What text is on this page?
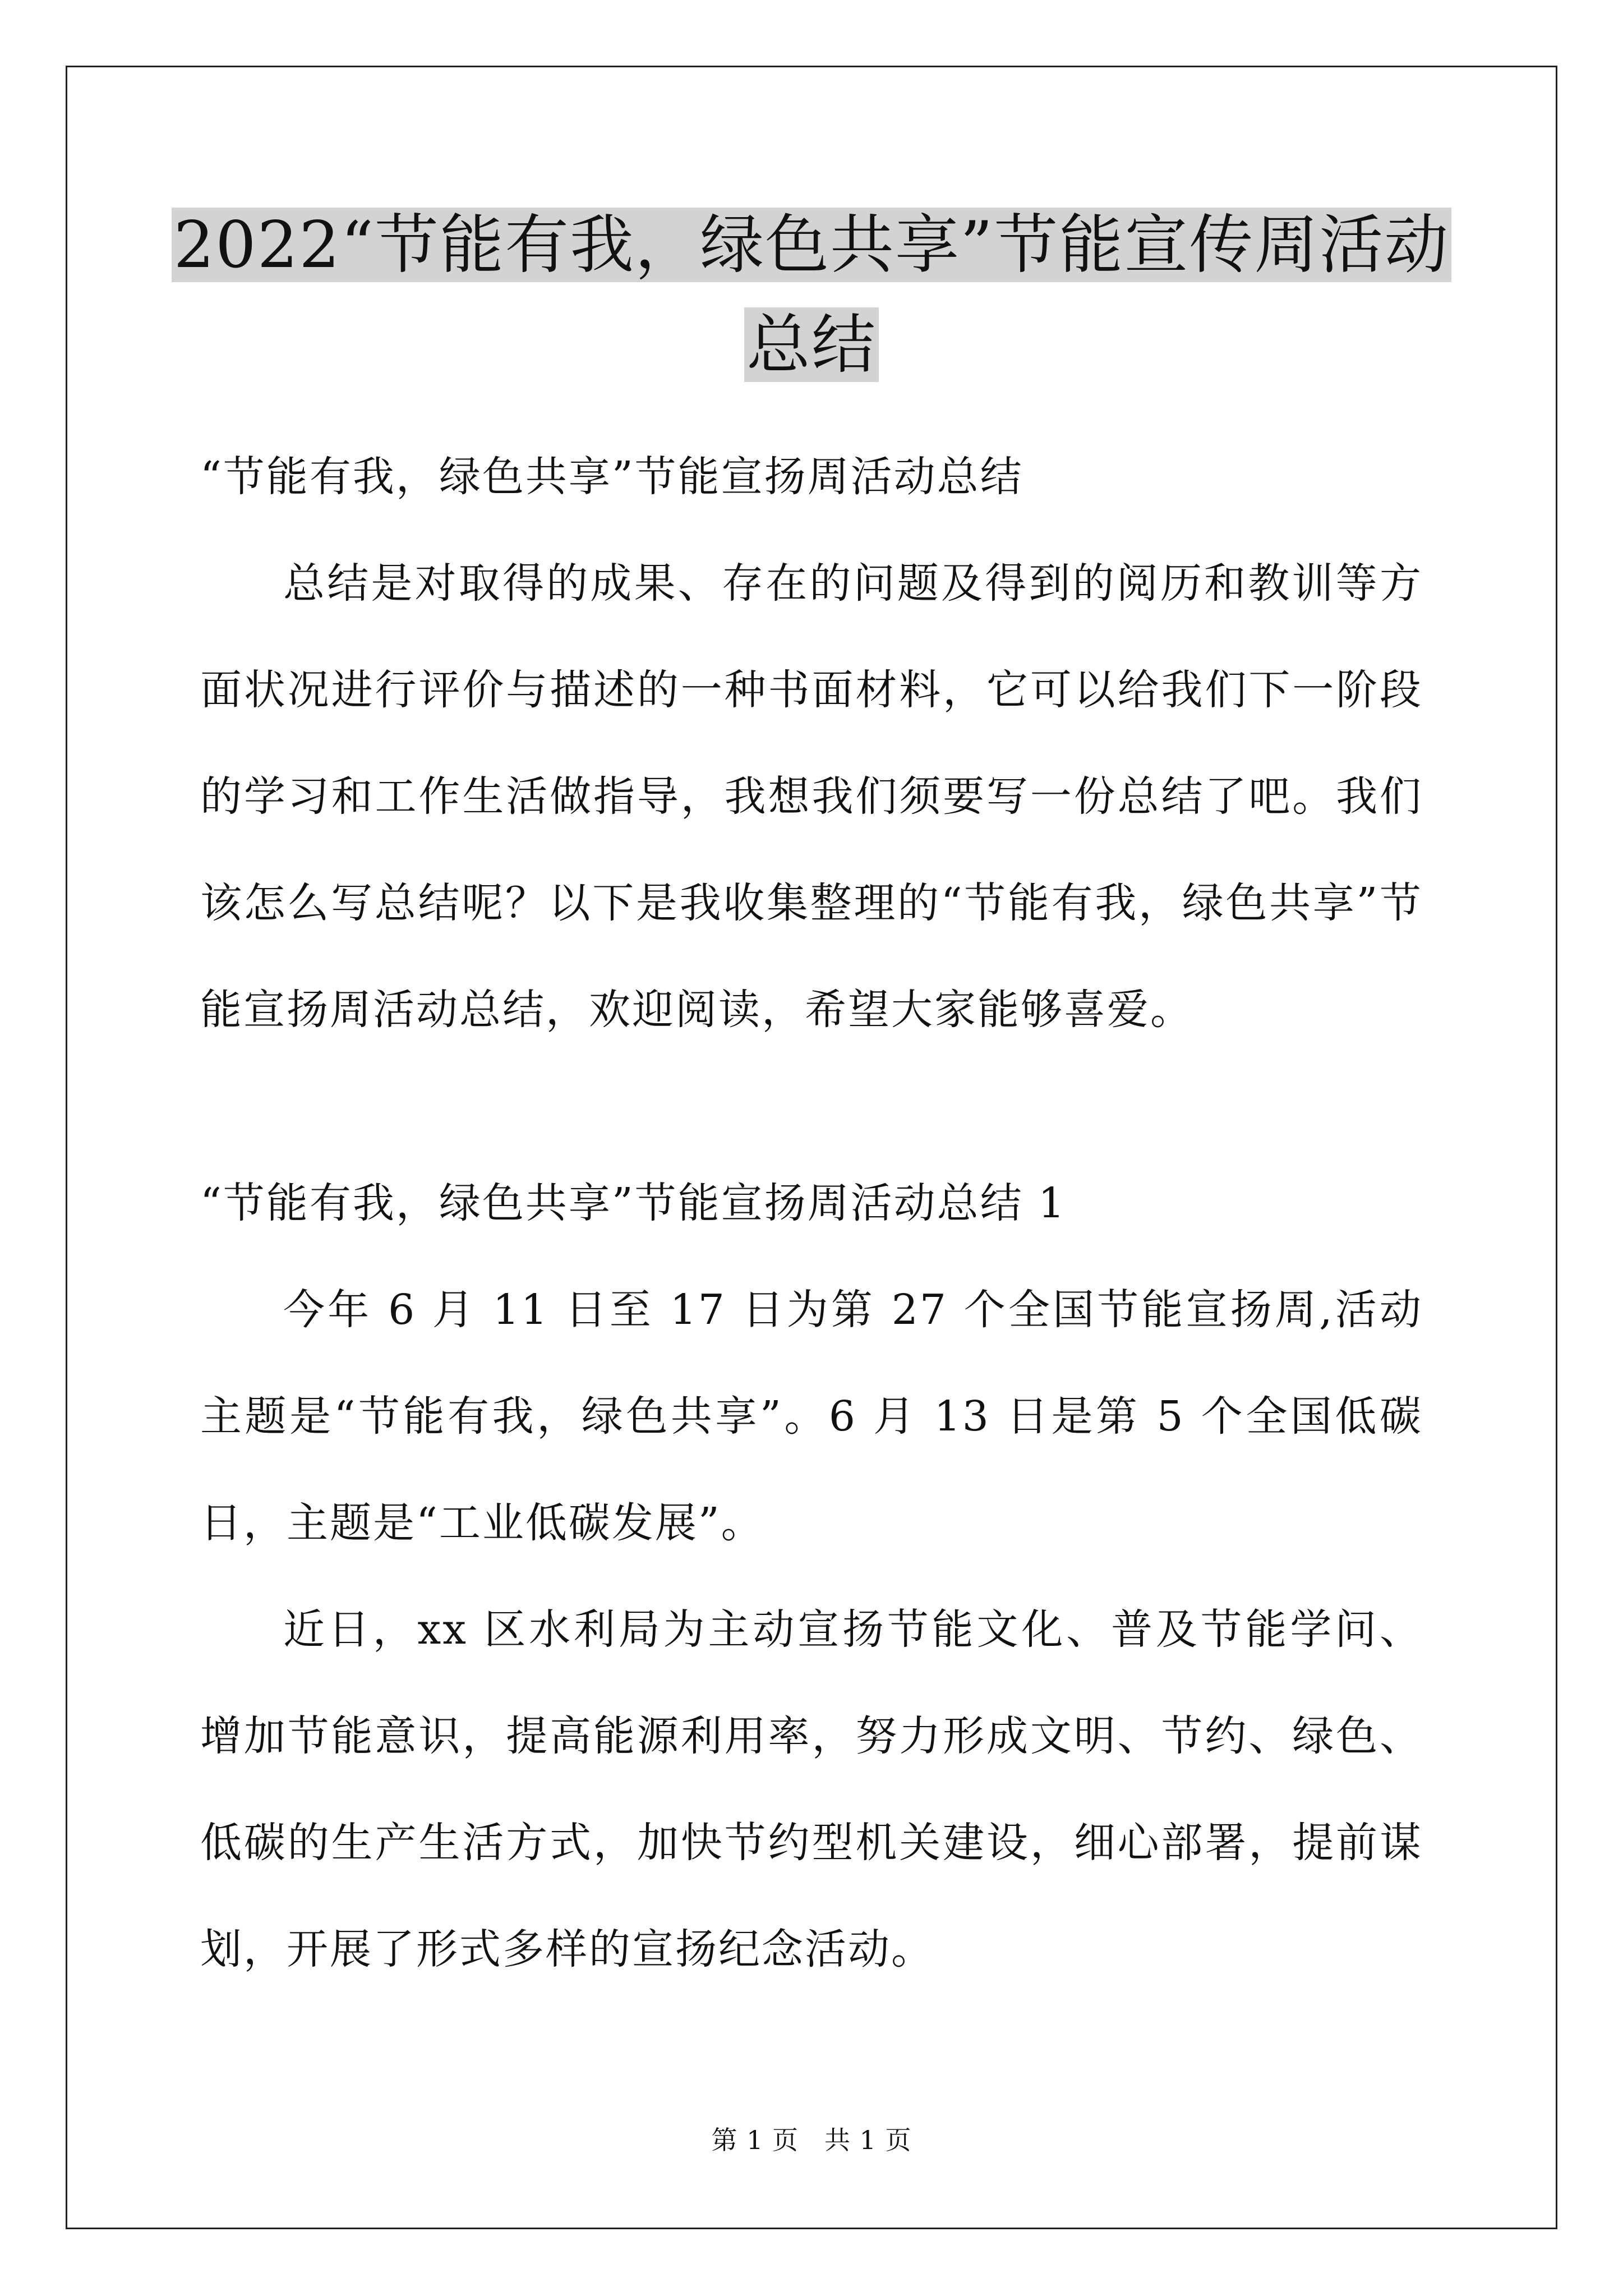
2022“节能有我，绿色共享”节能宣传周活动
总结

“节能有我，绿色共享”节能宣扬周活动总结

总结是对取得的成果、存在的问题及得到的阅历和教训等方面状况进行评价与描述的一种书面材料，它可以给我们下一阶段的学习和工作生活做指导，我想我们须要写一份总结了吧。我们该怎么写总结呢？以下是我收集整理的“节能有我，绿色共享”节能宣扬周活动总结，欢迎阅读，希望大家能够喜爱。

“节能有我，绿色共享”节能宣扬周活动总结 1

今年 6 月 11 日至 17 日为第 27 个全国节能宣扬周,活动主题是“节能有我，绿色共享”。6 月 13 日是第 5 个全国低碳日，主题是“工业低碳发展”。

近日，xx 区水利局为主动宣扬节能文化、普及节能学问、增加节能意识，提高能源利用率，努力形成文明、节约、绿色、低碳的生产生活方式，加快节约型机关建设，细心部署，提前谋划，开展了形式多样的宣扬纪念活动。

第 1 页 共 1 页
